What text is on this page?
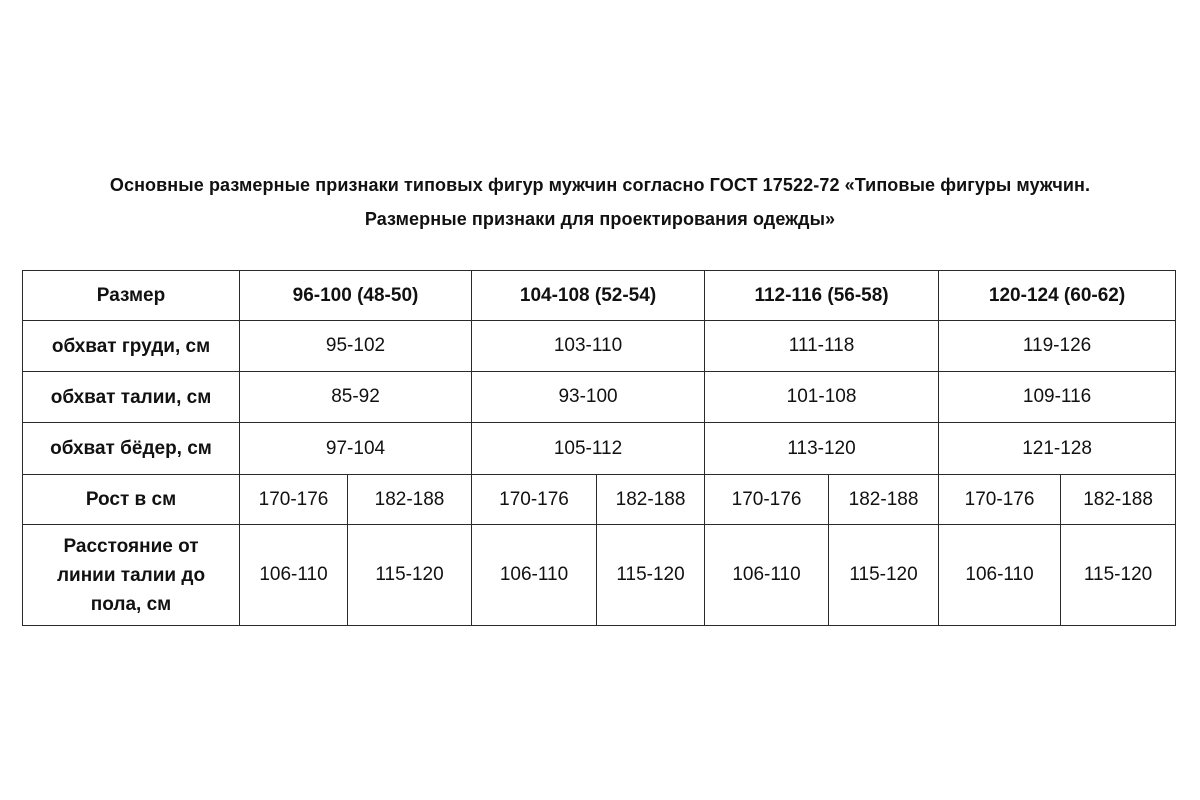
Основные размерные признаки типовых фигур мужчин согласно ГОСТ 17522-72 «Типовые фигуры мужчин.
Размерные признаки для проектирования одежды»
Размер	96-100 (48-50)		104-108 (52-54)		112-116 (56-58)		120-124 (60-62)	
обхват груди, см	95-102		103-110		111-118		119-126	
обхват талии, см	85-92		93-100		101-108		109-116	
обхват бёдер, см	97-104		105-112		113-120		121-128	
Рост в см	170-176	182-188	170-176	182-188	170-176	182-188	170-176	182-188

Расстояние от
линии талии до
пола, см	106-110	115-120	106-110	115-120	106-110	115-120	106-110	115-120
